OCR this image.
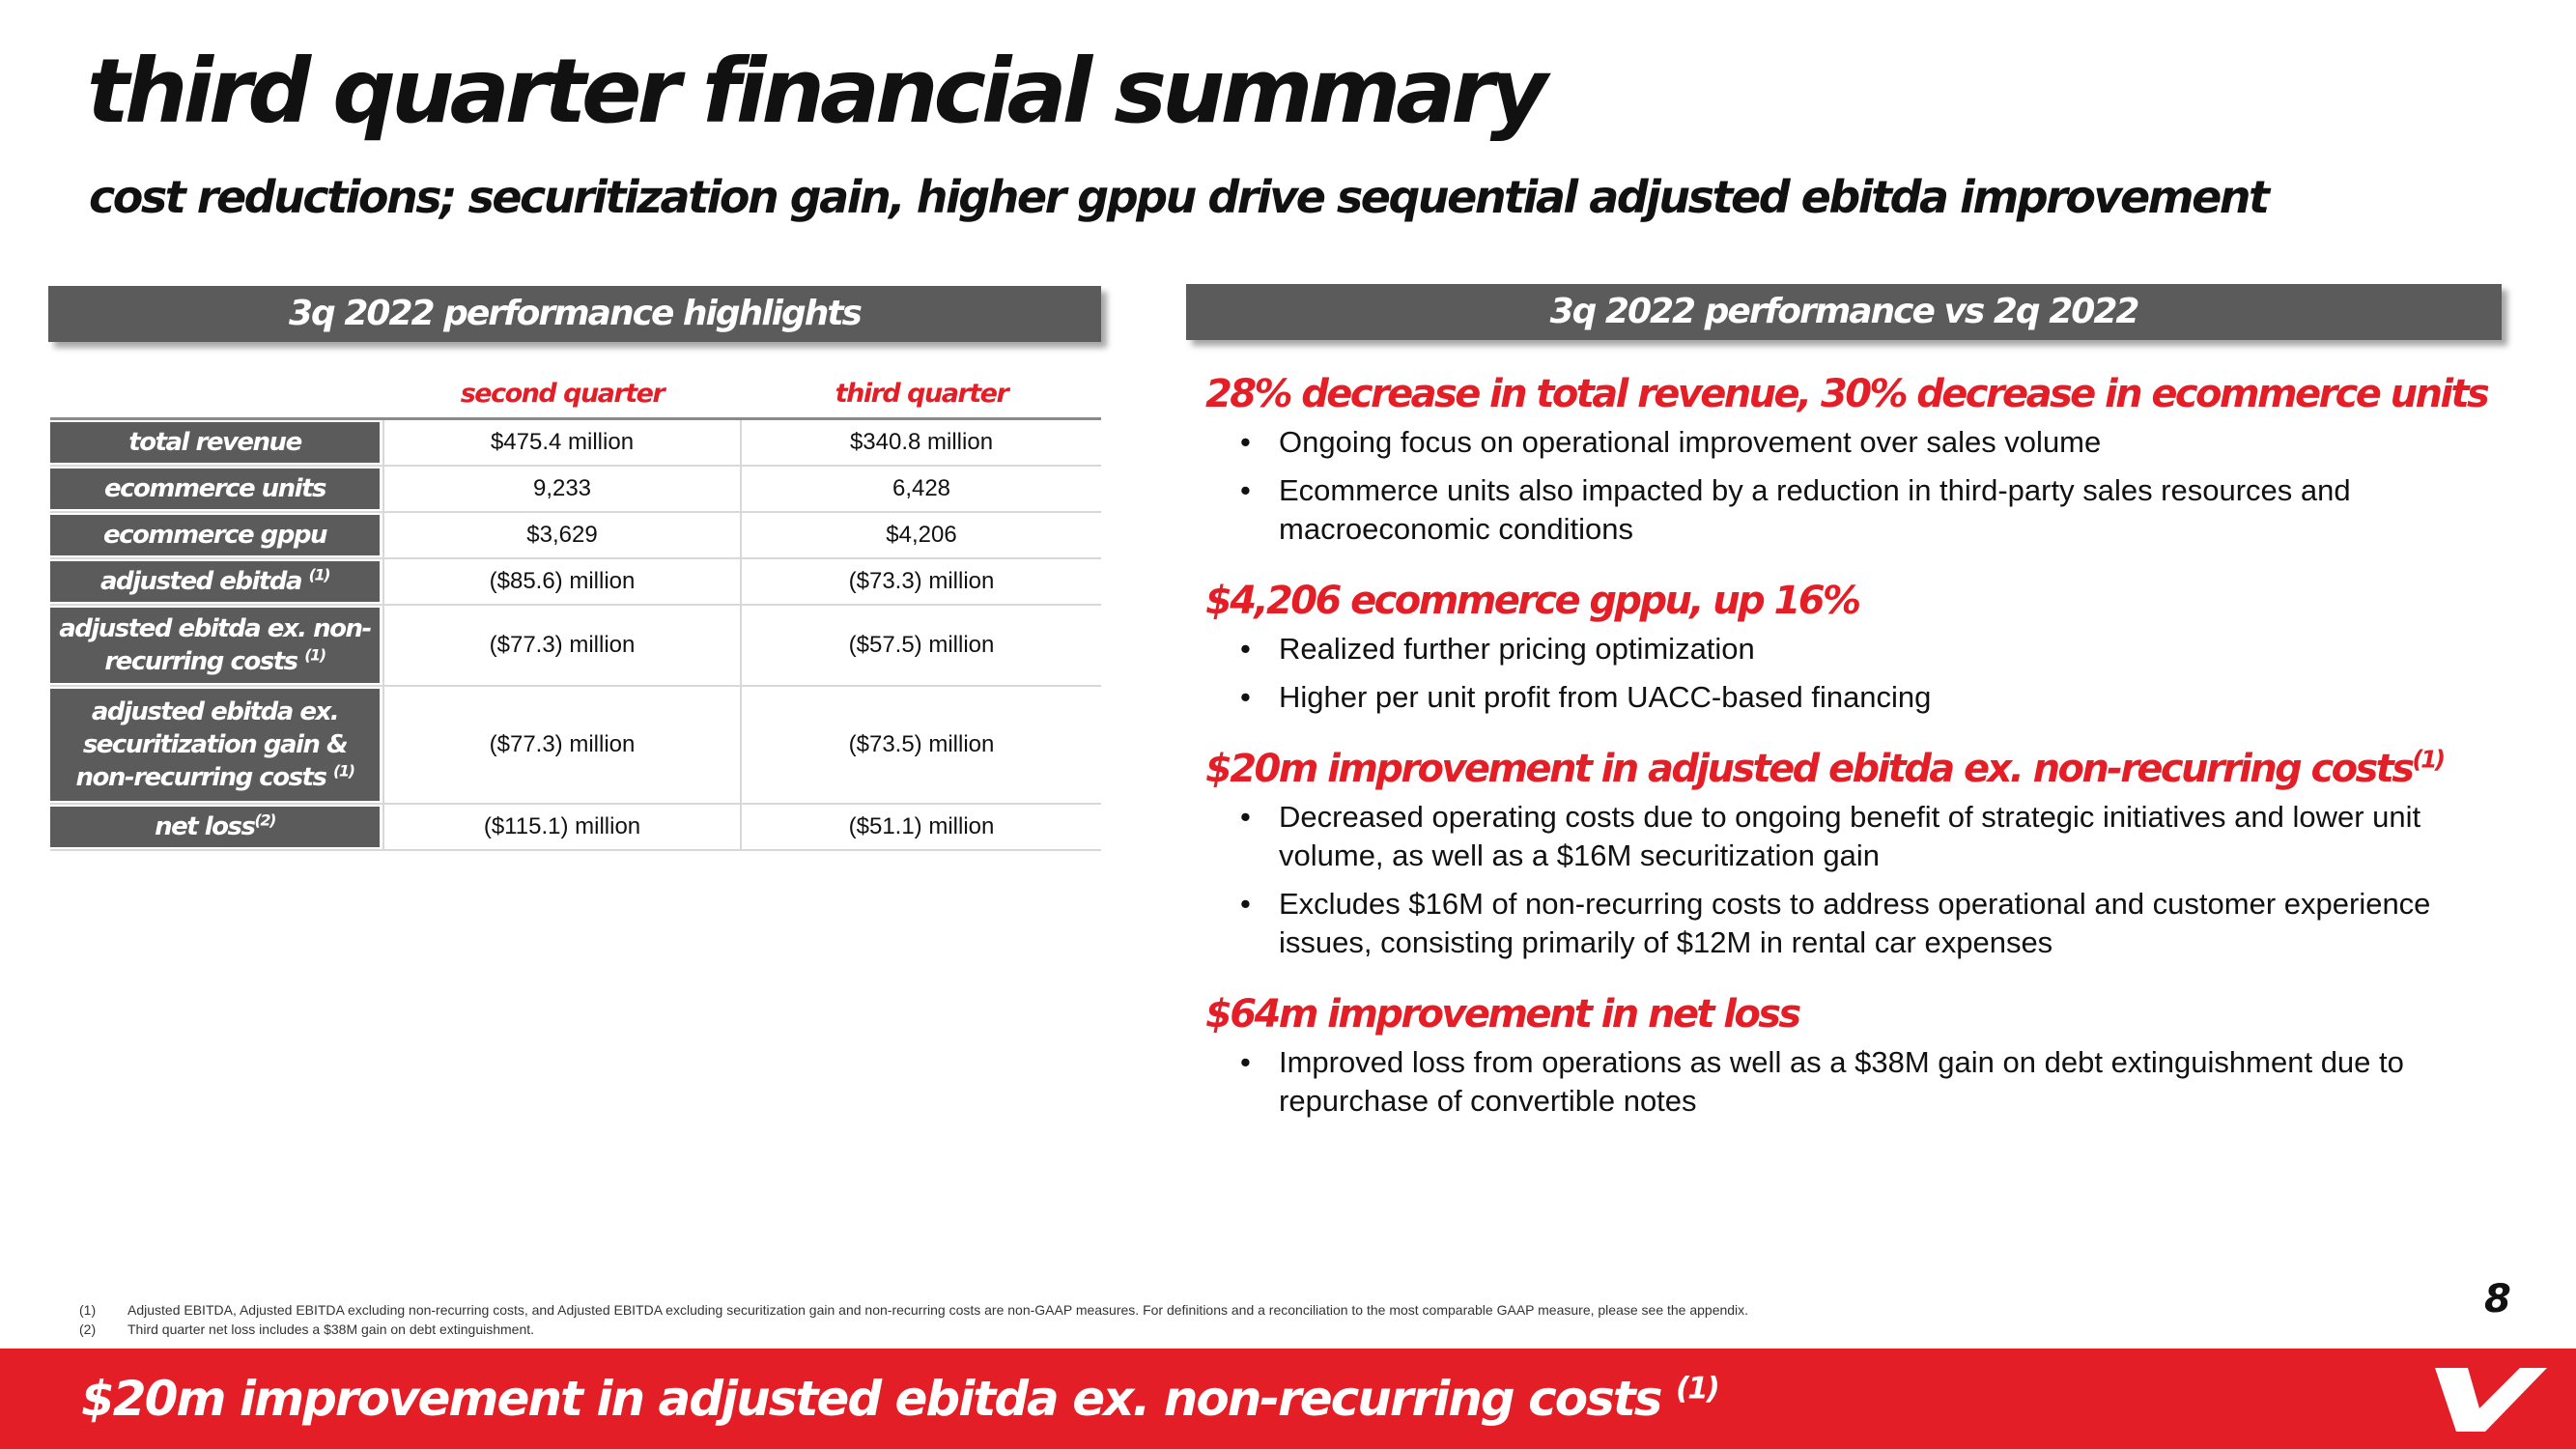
third quarter financial summary
cost reductions; securitization gain, higher gppu drive sequential adjusted ebitda improvement
3q 2022 performance highlights
second quarter	third quarter
total revenue	$475.4 million	$340.8 million
ecommerce units	9,233	6,428
ecommerce gppu	$3,629	$4,206
adjusted ebitda $^{(1)}$	($85.6) million	($73.3) million
adjusted ebitda ex. non-
recurring costs $^{(1)}$	($77.3) million	($57.5) million
adjusted ebitda ex.
securitization gain &
non-recurring costs $^{(1)}$
($77.3) million	($73.5) million
net loss$^{(2)}$	($115.1) million	($51.1) million
3q 2022 performance vs 2q 2022
28% decrease in total revenue, 30% decrease in ecommerce units
• Ongoing focus on operational improvement over sales volume
• Ecommerce units also impacted by a reduction in third-party sales resources and macroeconomic conditions
$4,206 ecommerce gppu, up 16%
• Realized further pricing optimization
• Higher per unit profit from UACC-based financing
$20m improvement in adjusted ebitda ex. non-recurring costs$^{(1)}$
• Decreased operating costs due to ongoing benefit of strategic initiatives and lower unit volume, as well as a $16M securitization gain
• Excludes $16M of non-recurring costs to address operational and customer experience issues, consisting primarily of $12M in rental car expenses
$64m improvement in net loss
• Improved loss from operations as well as a $38M gain on debt extinguishment due to repurchase of convertible notes
(1)	Adjusted EBITDA, Adjusted EBITDA excluding non-recurring costs, and Adjusted EBITDA excluding securitization gain and non-recurring costs are non-GAAP measures. For definitions and a reconciliation to the most comparable GAAP measure, please see the appendix.
(2)	Third quarter net loss includes a $38M gain on debt extinguishment.
8
$20m improvement in adjusted ebitda ex. non-recurring costs $^{(1)}$
